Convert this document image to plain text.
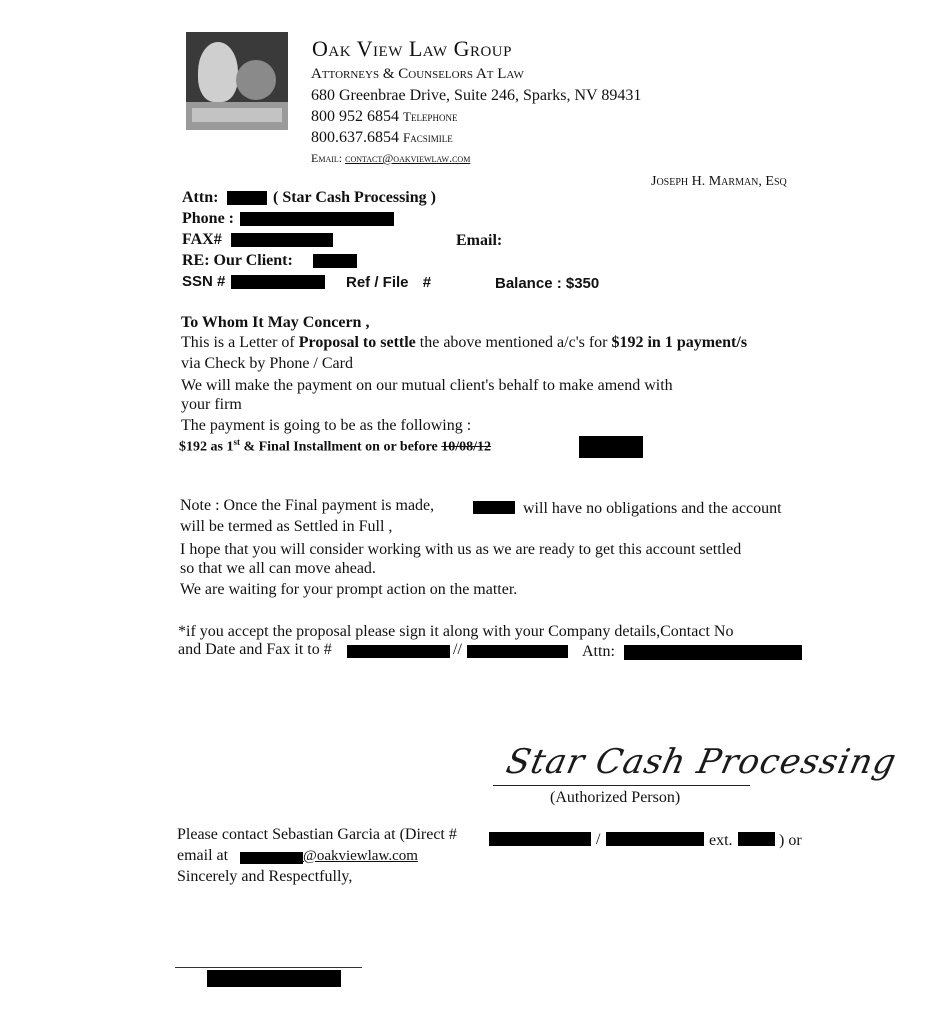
Oak View Law Group
Attorneys & Counselors At Law
680 Greenbrae Drive, Suite 246, Sparks, NV 89431
800 952 6854 Telephone
800.637.6854 Facsimile
Email: contact@oakviewlaw.com
Joseph H. Marman, Esq
Attn:	( Star Cash Processing )
Phone :
FAX#	Email:
RE: Our Client:
SSN #	Ref / File #	Balance : $350
To Whom It May Concern ,
This is a Letter of Proposal to settle the above mentioned a/c's for $192 in 1 payment/s
via Check by Phone / Card
We will make the payment on our mutual client's behalf to make amend with
your firm
The payment is going to be as the following :
$192 as 1st & Final Installment on or before 10/08/12
Note : Once the Final payment is made,	will have no obligations and the account
will be termed as Settled in Full ,
I hope that you will consider working with us as we are ready to get this account settled
so that we all can move ahead.
We are waiting for your prompt action on the matter.
*if you accept the proposal please sign it along with your Company details,Contact No
and Date and Fax it to #	//	Attn:
Star Cash Processing
(Authorized Person)
Please contact Sebastian Garcia at (Direct #	/	ext.	) or
email at	@oakviewlaw.com
Sincerely and Respectfully,
